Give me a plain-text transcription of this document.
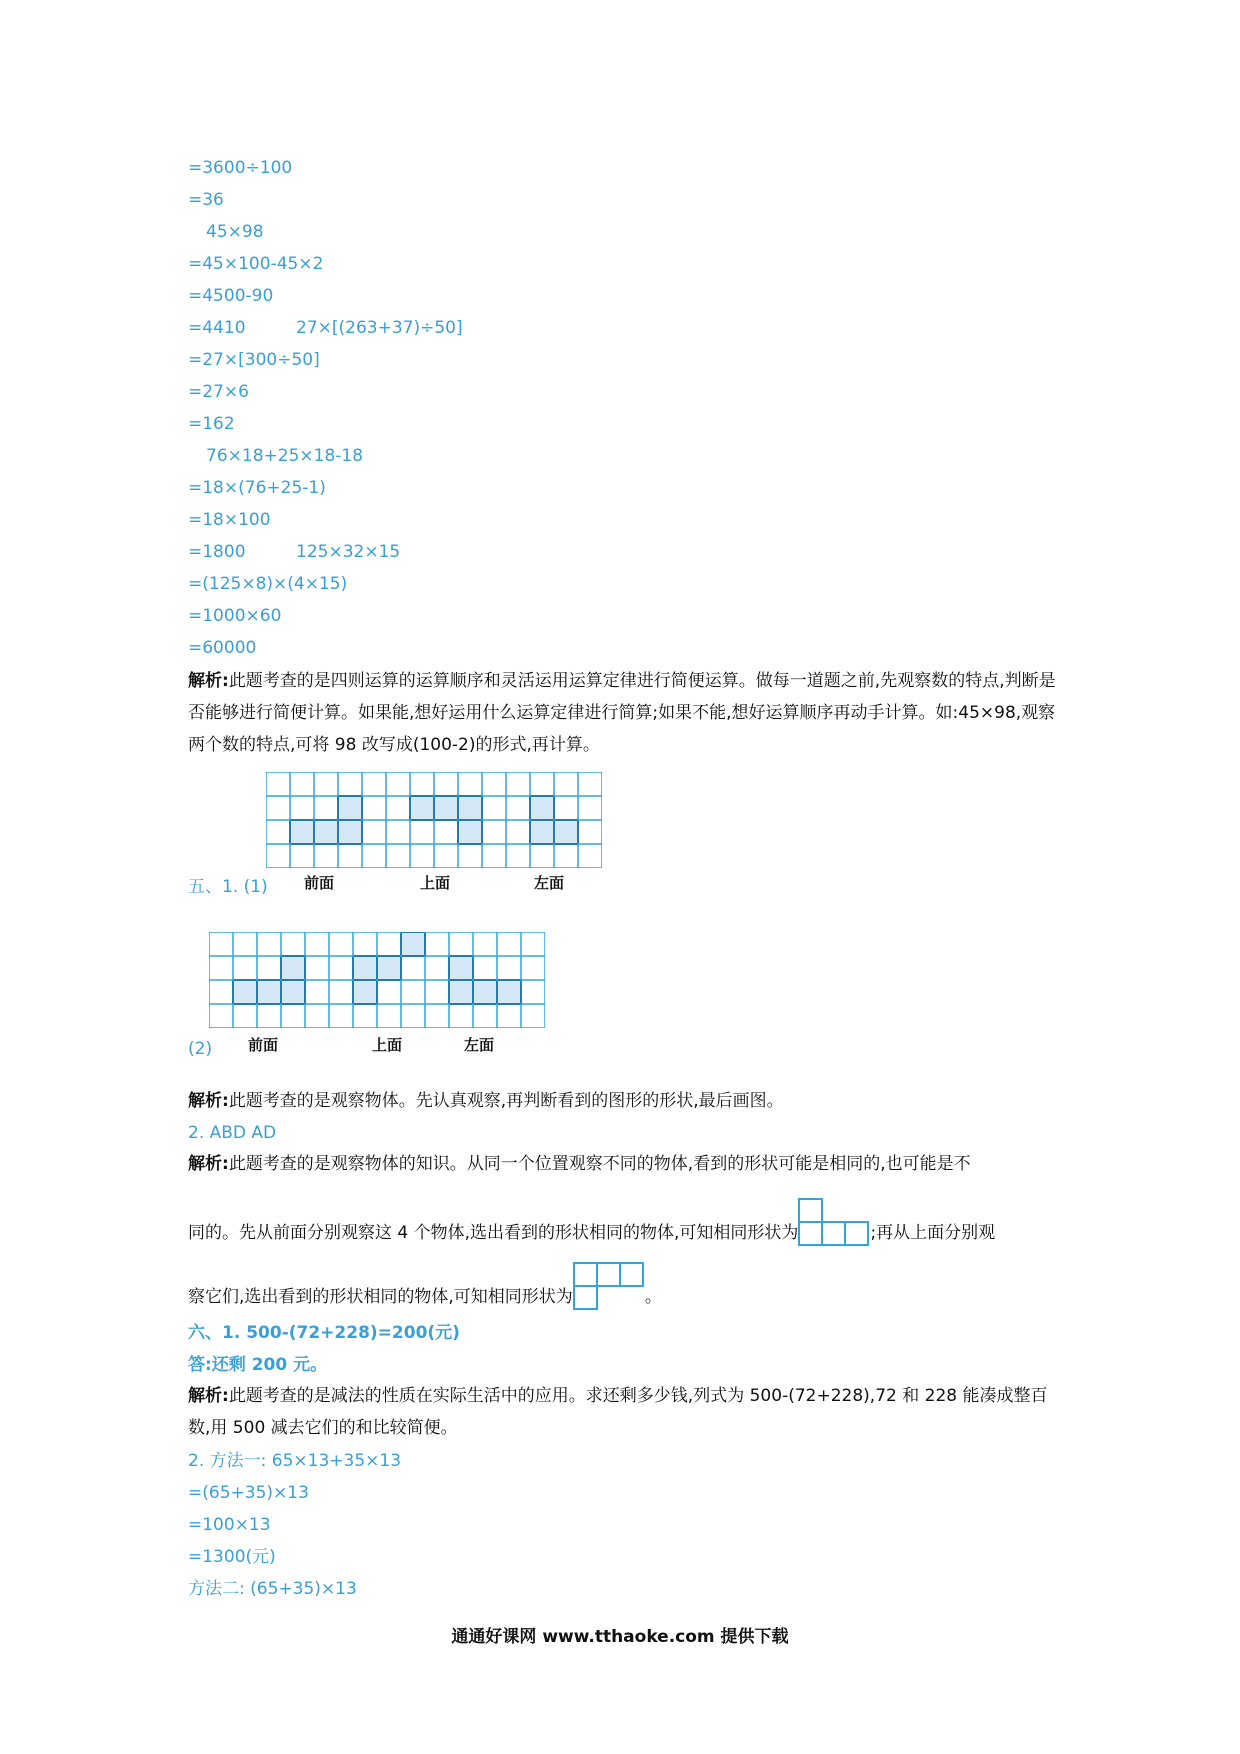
=3600÷100
=36
45×98
=45×100-45×2
=4500-90
=4410	27×[(263+37)÷50]
=27×[300÷50]
=27×6
=162
76×18+25×18-18
=18×(76+25-1)
=18×100
=1800	125×32×15
=(125×8)×(4×15)
=1000×60
=60000
解析:此题考查的是四则运算的运算顺序和灵活运用运算定律进行简便运算。做每一道题之前,先观察数的特点,判断是否能够进行简便计算。如果能,想好运用什么运算定律进行简算;如果不能,想好运算顺序再动手计算。如:45×98,观察两个数的特点,可将 98 改写成(100-2)的形式,再计算。
五、1. (1) 前面	上面	左面
(2) 前面	上面	左面
解析:此题考查的是观察物体。先认真观察,再判断看到的图形的形状,最后画图。
2. ABD AD
解析:此题考查的是观察物体的知识。从同一个位置观察不同的物体,看到的形状可能是相同的,也可能是不
同的。先从前面分别观察这 4 个物体,选出看到的形状相同的物体,可知相同形状为	;再从上面分别观
察它们,选出看到的形状相同的物体,可知相同形状为	。
六、1. 500-(72+228)=200(元)
答:还剩 200 元。
解析:此题考查的是减法的性质在实际生活中的应用。求还剩多少钱,列式为 500-(72+228),72 和 228 能凑成整百数,用 500 减去它们的和比较简便。
2. 方法一: 65×13+35×13
=(65+35)×13
=100×13
=1300(元)
方法二: (65+35)×13
通通好课网 www.tthaoke.com 提供下载
